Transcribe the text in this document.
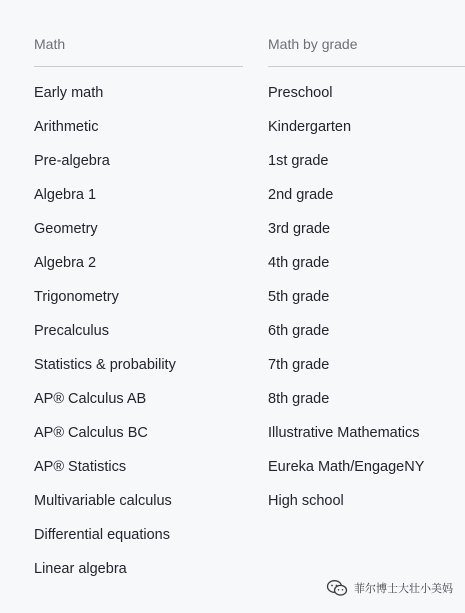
Math
Early math
Arithmetic
Pre-algebra
Algebra 1
Geometry
Algebra 2
Trigonometry
Precalculus
Statistics & probability
AP® Calculus AB
AP® Calculus BC
AP® Statistics
Multivariable calculus
Differential equations
Linear algebra
Math by grade
Preschool
Kindergarten
1st grade
2nd grade
3rd grade
4th grade
5th grade
6th grade
7th grade
8th grade
Illustrative Mathematics
Eureka Math/EngageNY
High school
菲尔博士大壮小美妈
